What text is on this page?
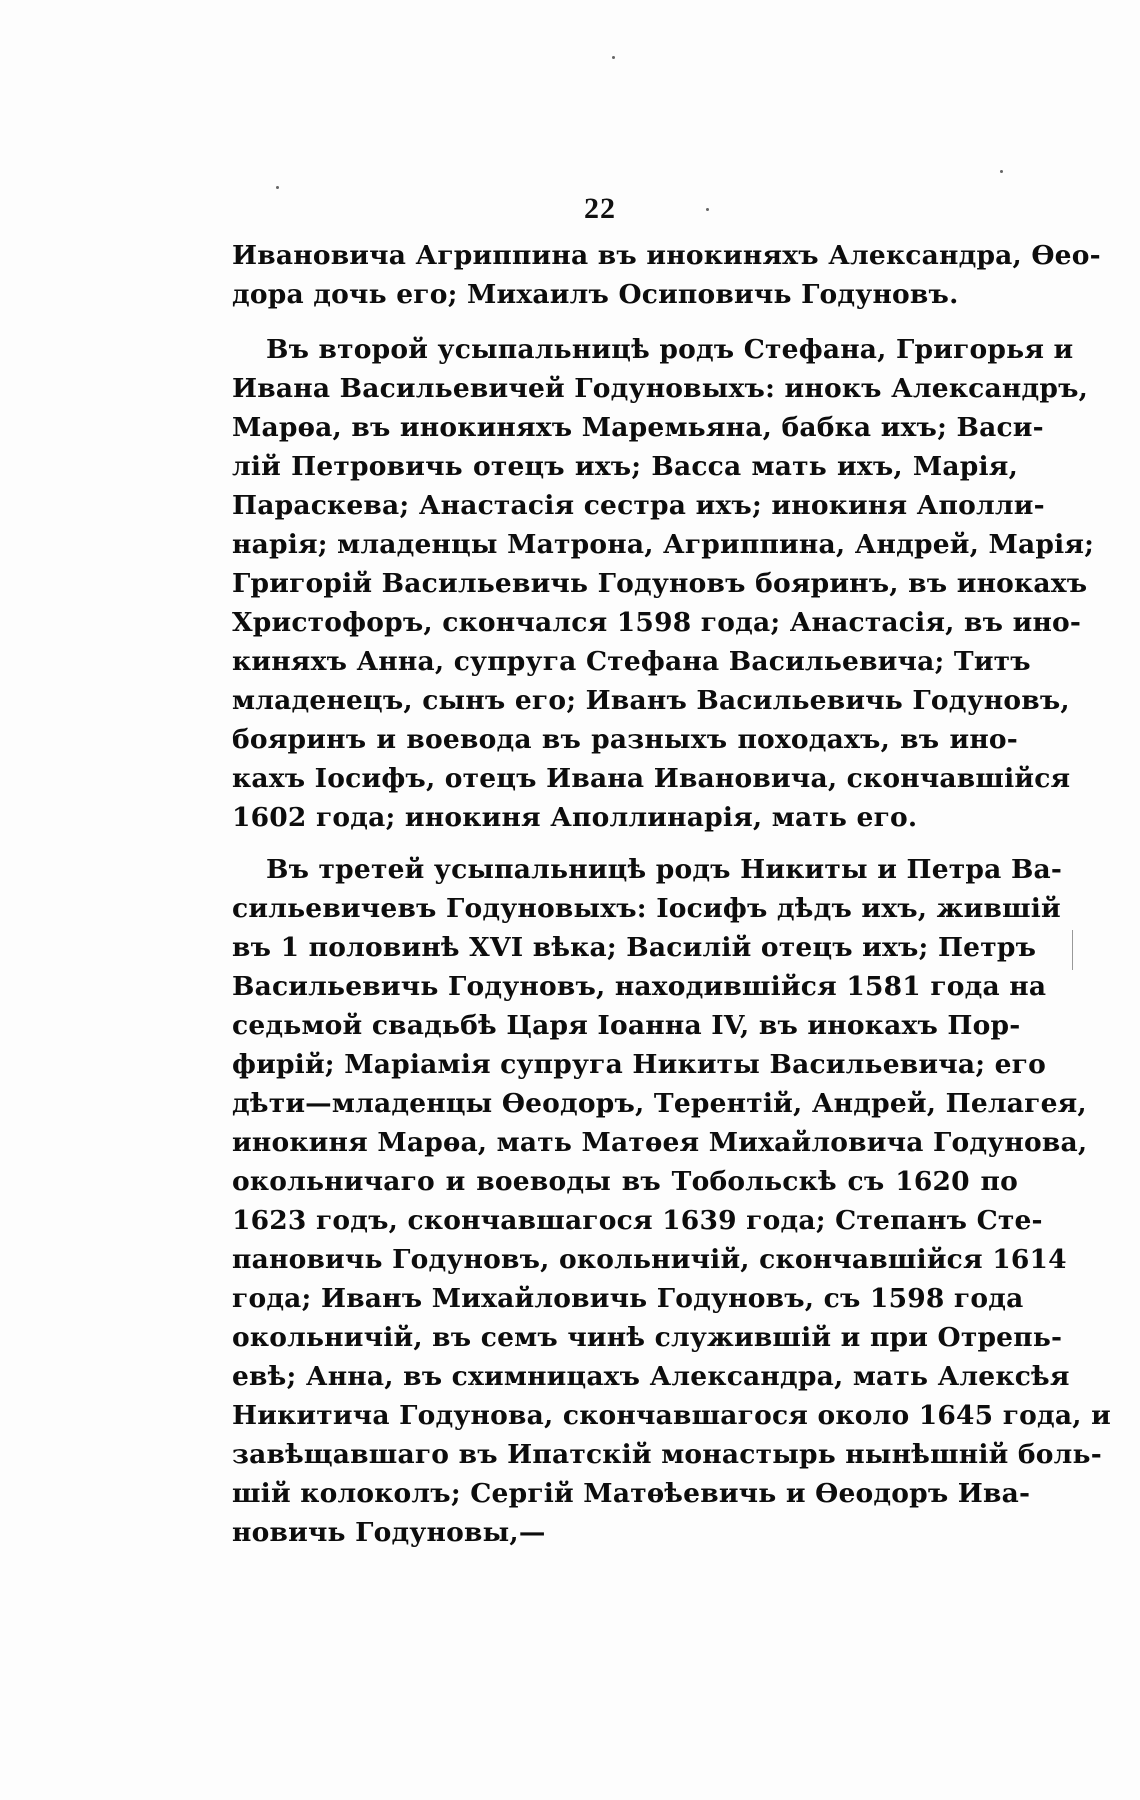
22
Ивановича Агриппина въ инокиняхъ Александра, Ѳео-
дора дочь его; Михаилъ Осиповичь Годуновъ.
Въ второй усыпальницѣ родъ Стефана, Григорья и
Ивана Васильевичей Годуновыхъ: инокъ Александръ,
Марѳа, въ инокиняхъ Маремьяна, бабка ихъ; Васи-
лій Петровичь отецъ ихъ; Васса мать ихъ, Марія,
Параскева; Анастасія сестра ихъ; инокиня Аполли-
нарія; младенцы Матрона, Агриппина, Андрей, Марія;
Григорій Васильевичь Годуновъ бояринъ, въ инокахъ
Христофоръ, скончался 1598 года; Анастасія, въ ино-
киняхъ Анна, супруга Стефана Васильевича; Титъ
младенецъ, сынъ его; Иванъ Васильевичь Годуновъ,
бояринъ и воевода въ разныхъ походахъ, въ ино-
кахъ Іосифъ, отецъ Ивана Ивановича, скончавшійся
1602 года; инокиня Аполлинарія, мать его.
Въ третей усыпальницѣ родъ Никиты и Петра Ва-
сильевичевъ Годуновыхъ: Іосифъ дѣдъ ихъ, жившій
въ 1 половинѣ XVI вѣка; Василій отецъ ихъ; Петръ
Васильевичь Годуновъ, находившійся 1581 года на
седьмой свадьбѣ Царя Іоанна IV, въ инокахъ Пор-
фирій; Маріамія супруга Никиты Васильевича; его
дѣти—младенцы Ѳеодоръ, Терентій, Андрей, Пелагея,
инокиня Марѳа, мать Матѳея Михайловича Годунова,
окольничаго и воеводы въ Тобольскѣ съ 1620 по
1623 годъ, скончавшагося 1639 года; Степанъ Сте-
пановичь Годуновъ, окольничій, скончавшійся 1614
года; Иванъ Михайловичь Годуновъ, съ 1598 года
окольничій, въ семъ чинѣ служившій и при Отрепь-
евѣ; Анна, въ схимницахъ Александра, мать Алексѣя
Никитича Годунова, скончавшагося около 1645 года, и
завѣщавшаго въ Ипатскій монастырь нынѣшній боль-
шій колоколъ; Сергій Матѳѣевичь и Ѳеодоръ Ива-
новичь Годуновы,—
